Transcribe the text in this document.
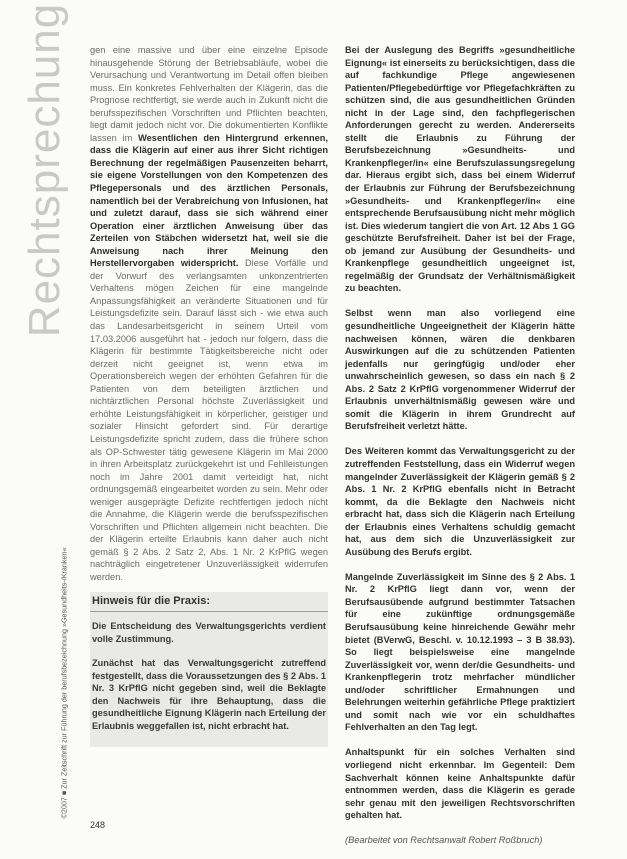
Rechtsprechung
©2007 ■ Zur Zeitschrift zur Führung der berufsbezeichnung »Gesundheits-/Kranken«

gen eine massive und über eine einzelne Episode hinausgehende Störung der Betriebsabläufe, wobei die Verursachung und Verantwortung im Detail offen bleiben muss. Ein konkretes Fehlverhalten der Klägerin, das die Prognose rechtfertigt, sie werde auch in Zukunft nicht die berufsspezifischen Vorschriften und Pflichten beachten, liegt damit jedoch nicht vor. Die dokumentierten Konflikte lassen im Wesentlichen den Hintergrund erkennen, dass die Klägerin auf einer aus ihrer Sicht richtigen Berechnung der regelmäßigen Pausenzeiten beharrt, sie eigene Vorstellungen von den Kompetenzen des Pflegepersonals und des ärztlichen Personals, namentlich bei der Verabreichung von Infusionen, hat und zuletzt darauf, dass sie sich während einer Operation einer ärztlichen Anweisung über das Zerteilen von Stäbchen widersetzt hat, weil sie die Anweisung nach ihrer Meinung den Herstellervorgaben widerspricht. Diese Vorfälle und der Vorwurf des verlangsamten unkonzentrierten Verhaltens mögen Zeichen für eine mangelnde Anpassungsfähigkeit an veränderte Situationen und für Leistungsdefizite sein. Darauf lässt sich - wie etwa auch das Landesarbeitsgericht in seinem Urteil vom 17.03.2006 ausgeführt hat - jedoch nur folgern, dass die Klägerin für bestimmte Tätigkeitsbereiche nicht oder derzeit nicht geeignet ist, wenn etwa im Operationsbereich wegen der erhöhten Gefahren für die Patienten von dem beteiligten ärztlichen und nichtärztlichen Personal höchste Zuverlässigkeit und erhöhte Leistungsfähigkeit in körperlicher, geistiger und sozialer Hinsicht gefordert sind. Für derartige Leistungsdefizite spricht zudem, dass die frühere schon als OP-Schwester tätig gewesene Klägerin im Mai 2000 in ihren Arbeitsplatz zurückgekehrt ist und Fehlleistungen noch im Jahre 2001 damit verteidigt hat, nicht ordnungsgemäß eingearbeitet worden zu sein. Mehr oder weniger ausgeprägte Defizite rechtfertigen jedoch nicht die Annahme, die Klägerin werde die berufsspezifischen Vorschriften und Pflichten allgemein nicht beachten. Die der Klägerin erteilte Erlaubnis kann daher auch nicht gemäß § 2 Abs. 2 Satz 2, Abs. 1 Nr. 2 KrPflG wegen nachträglich eingetretener Unzuverlässigkeit widerrufen werden.

Hinweis für die Praxis:

Die Entscheidung des Verwaltungsgerichts verdient volle Zustimmung.

Zunächst hat das Verwaltungsgericht zutreffend festgestellt, dass die Voraussetzungen des § 2 Abs. 1 Nr. 3 KrPflG nicht gegeben sind, weil die Beklagte den Nachweis für ihre Behauptung, dass die gesundheitliche Eignung Klägerin nach Erteilung der Erlaubnis weggefallen ist, nicht erbracht hat.

Bei der Auslegung des Begriffs »gesundheitliche Eignung« ist einerseits zu berücksichtigen, dass die auf fachkundige Pflege angewiesenen Patienten/Pflegebedürftige vor Pflegefachkräften zu schützen sind, die aus gesundheitlichen Gründen nicht in der Lage sind, den fachpflegerischen Anforderungen gerecht zu werden. Andererseits stellt die Erlaubnis zu Führung der Berufsbezeichnung »Gesundheits- und Krankenpfleger/in« eine Berufszulassungsregelung dar. Hieraus ergibt sich, dass bei einem Widerruf der Erlaubnis zur Führung der Berufsbezeichnung »Gesundheits- und Krankenpfleger/in« eine entsprechende Berufsausübung nicht mehr möglich ist. Dies wiederum tangiert die von Art. 12 Abs 1 GG geschützte Berufsfreiheit. Daher ist bei der Frage, ob jemand zur Ausübung der Gesundheits- und Krankenpflege gesundheitlich ungeeignet ist, regelmäßig der Grundsatz der Verhältnismäßigkeit zu beachten.

Selbst wenn man also vorliegend eine gesundheitliche Ungeeignetheit der Klägerin hätte nachweisen können, wären die denkbaren Auswirkungen auf die zu schützenden Patienten jedenfalls nur geringfügig und/oder eher unwahrscheinlich gewesen, so dass ein nach § 2 Abs. 2 Satz 2 KrPflG vorgenommener Widerruf der Erlaubnis unverhältnismäßig gewesen wäre und somit die Klägerin in ihrem Grundrecht auf Berufsfreiheit verletzt hätte.

Des Weiteren kommt das Verwaltungsgericht zu der zutreffenden Feststellung, dass ein Widerruf wegen mangelnder Zuverlässigkeit der Klägerin gemäß § 2 Abs. 1 Nr. 2 KrPflG ebenfalls nicht in Betracht kommt, da die Beklagte den Nachweis nicht erbracht hat, dass sich die Klägerin nach Erteilung der Erlaubnis eines Verhaltens schuldig gemacht hat, aus dem sich die Unzuverlässigkeit zur Ausübung des Berufs ergibt.

Mangelnde Zuverlässigkeit im Sinne des § 2 Abs. 1 Nr. 2 KrPflG liegt dann vor, wenn der Berufsausübende aufgrund bestimmter Tatsachen für eine zukünftige ordnungsgemäße Berufsausübung keine hinreichende Gewähr mehr bietet (BVerwG, Beschl. v. 10.12.1993 – 3 B 38.93). So liegt beispielsweise eine mangelnde Zuverlässigkeit vor, wenn der/die Gesundheits- und Krankenpflegerin trotz mehrfacher mündlicher und/oder schriftlicher Ermahnungen und Belehrungen weiterhin gefährliche Pflege praktiziert und somit nach wie vor ein schuldhaftes Fehlverhalten an den Tag legt.

Anhaltspunkt für ein solches Verhalten sind vorliegend nicht erkennbar. Im Gegenteil: Dem Sachverhalt können keine Anhaltspunkte dafür entnommen werden, dass die Klägerin es gerade sehr genau mit den jeweiligen Rechtsvorschriften gehalten hat.

(Bearbeitet von Rechtsanwalt Robert Roßbruch)

248
